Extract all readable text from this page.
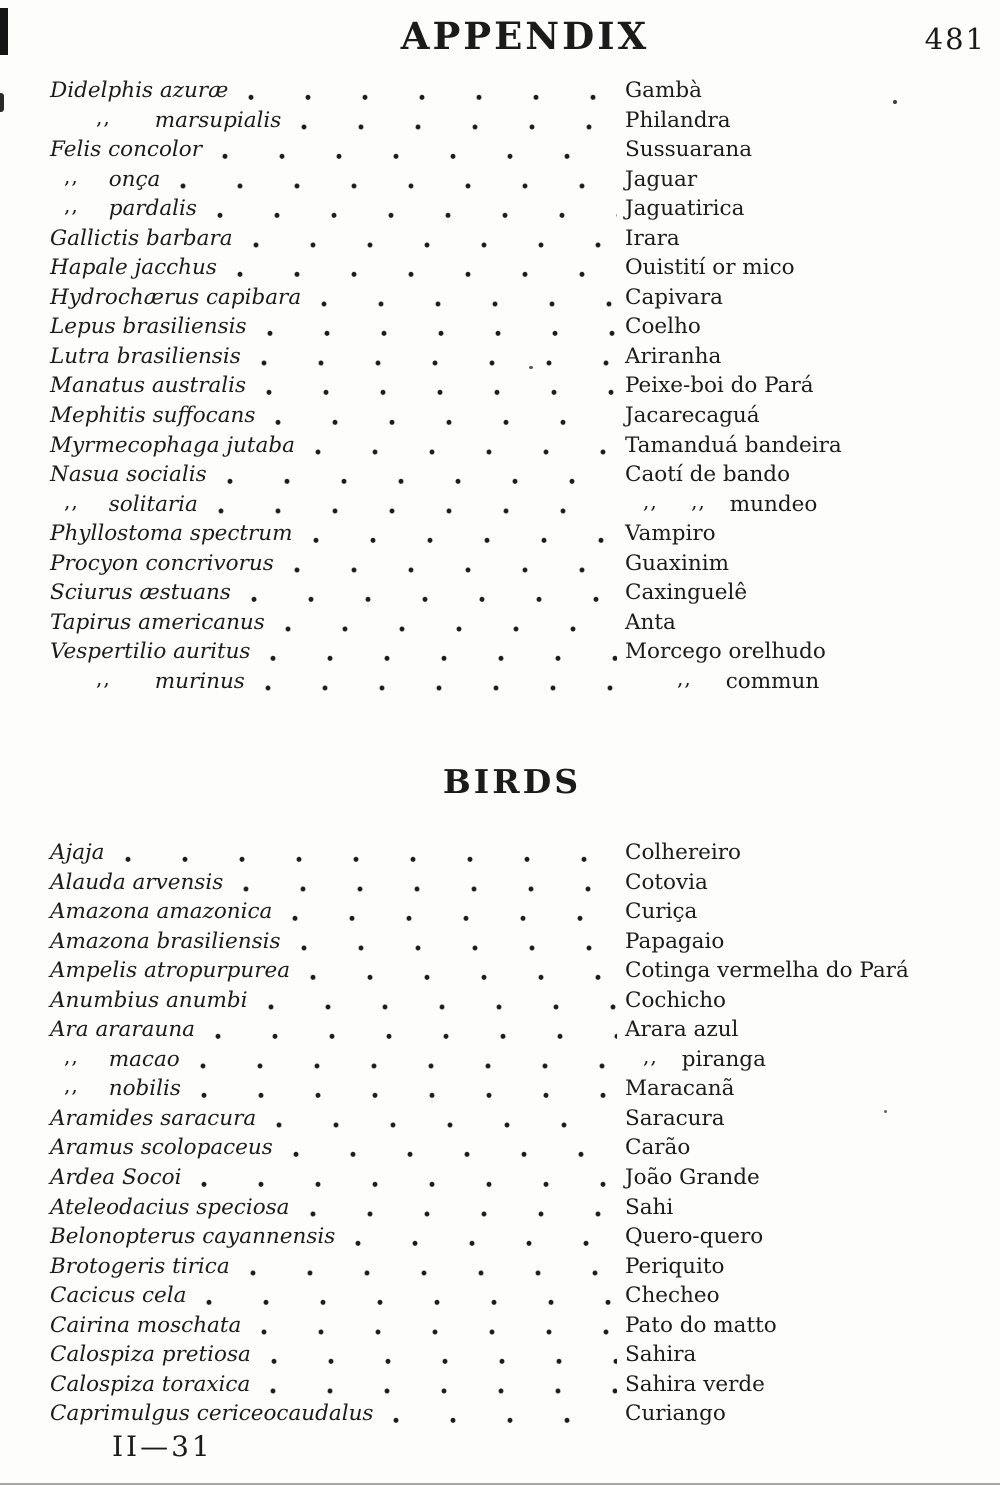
APPENDIX	481
Didelphis azuræ	Gambà
,, marsupialis	Philandra
Felis concolor	Sussuarana
,, onça	Jaguar
,, pardalis	Jaguatirica
Gallictis barbara	Irara
Hapale jacchus	Ouistití or mico
Hydrochærus capibara	Capivara
Lepus brasiliensis	Coelho
Lutra brasiliensis	Ariranha
Manatus australis	Peixe-boi do Pará
Mephitis suffocans	Jacarecaguá
Myrmecophaga jutaba	Tamanduá bandeira
Nasua socialis	Caotí de bando
,, solitaria	,, ,, mundeo
Phyllostoma spectrum	Vampiro
Procyon concrivorus	Guaxinim
Sciurus æstuans	Caxinguelê
Tapirus americanus	Anta
Vespertilio auritus	Morcego orelhudo
,, murinus	,, commun
BIRDS
Ajaja	Colhereiro
Alauda arvensis	Cotovia
Amazona amazonica	Curiça
Amazona brasiliensis	Papagaio
Ampelis atropurpurea	Cotinga vermelha do Pará
Anumbius anumbi	Cochicho
Ara ararauna	Arara azul
,, macao	,, piranga
,, nobilis	Maracanã
Aramides saracura	Saracura
Aramus scolopaceus	Carão
Ardea Socoi	João Grande
Ateleodacius speciosa	Sahi
Belonopterus cayannensis	Quero-quero
Brotogeris tirica	Periquito
Cacicus cela	Checheo
Cairina moschata	Pato do matto
Calospiza pretiosa	Sahira
Calospiza toraxica	Sahira verde
Caprimulgus cericeocaudalus	Curiango
II—31
